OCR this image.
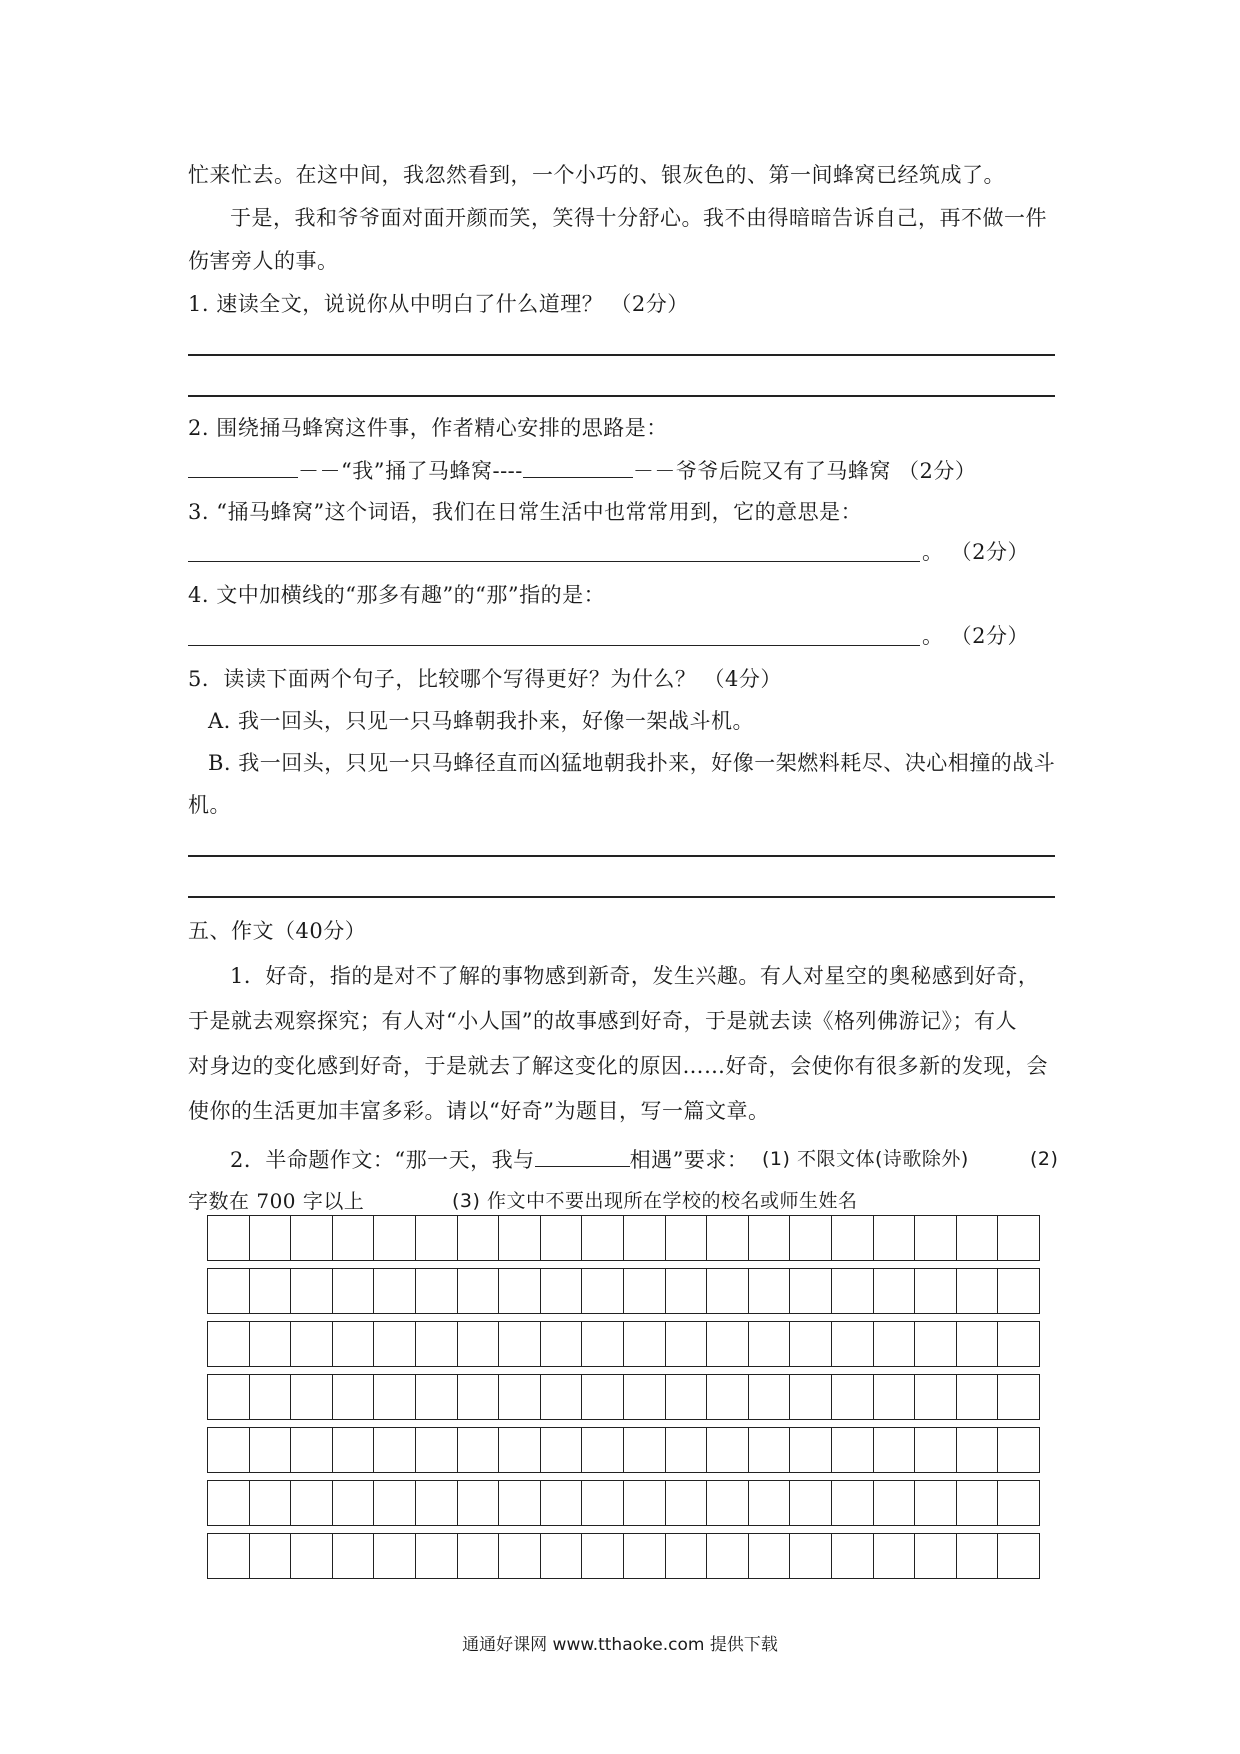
忙来忙去。在这中间，我忽然看到，一个小巧的、银灰色的、第一间蜂窝已经筑成了。
于是，我和爷爷面对面开颜而笑，笑得十分舒心。我不由得暗暗告诉自己，再不做一件
伤害旁人的事。
1. 速读全文，说说你从中明白了什么道理？ （2分）
2. 围绕捅马蜂窝这件事，作者精心安排的思路是：
－－“我”捅了马蜂窝----	－－爷爷后院又有了马蜂窝 （2分）
3. “捅马蜂窝”这个词语，我们在日常生活中也常常用到，它的意思是：
。 （2分）
4. 文中加横线的“那多有趣”的“那”指的是：
。 （2分）
5．读读下面两个句子，比较哪个写得更好？为什么？ （4分）
A. 我一回头，只见一只马蜂朝我扑来，好像一架战斗机。
B. 我一回头，只见一只马蜂径直而凶猛地朝我扑来，好像一架燃料耗尽、决心相撞的战斗
机。
五、作文（40分）
1．好奇，指的是对不了解的事物感到新奇，发生兴趣。有人对星空的奥秘感到好奇，
于是就去观察探究；有人对“小人国”的故事感到好奇，于是就去读《格列佛游记》；有人
对身边的变化感到好奇，于是就去了解这变化的原因……好奇，会使你有很多新的发现，会
使你的生活更加丰富多彩。请以“好奇”为题目，写一篇文章。
2．半命题作文：“那一天，我与	相遇”要求： (1) 不限文体(诗歌除外)	(2)
字数在 700 字以上	(3) 作文中不要出现所在学校的校名或师生姓名
通通好课网 www.tthaoke.com 提供下载
